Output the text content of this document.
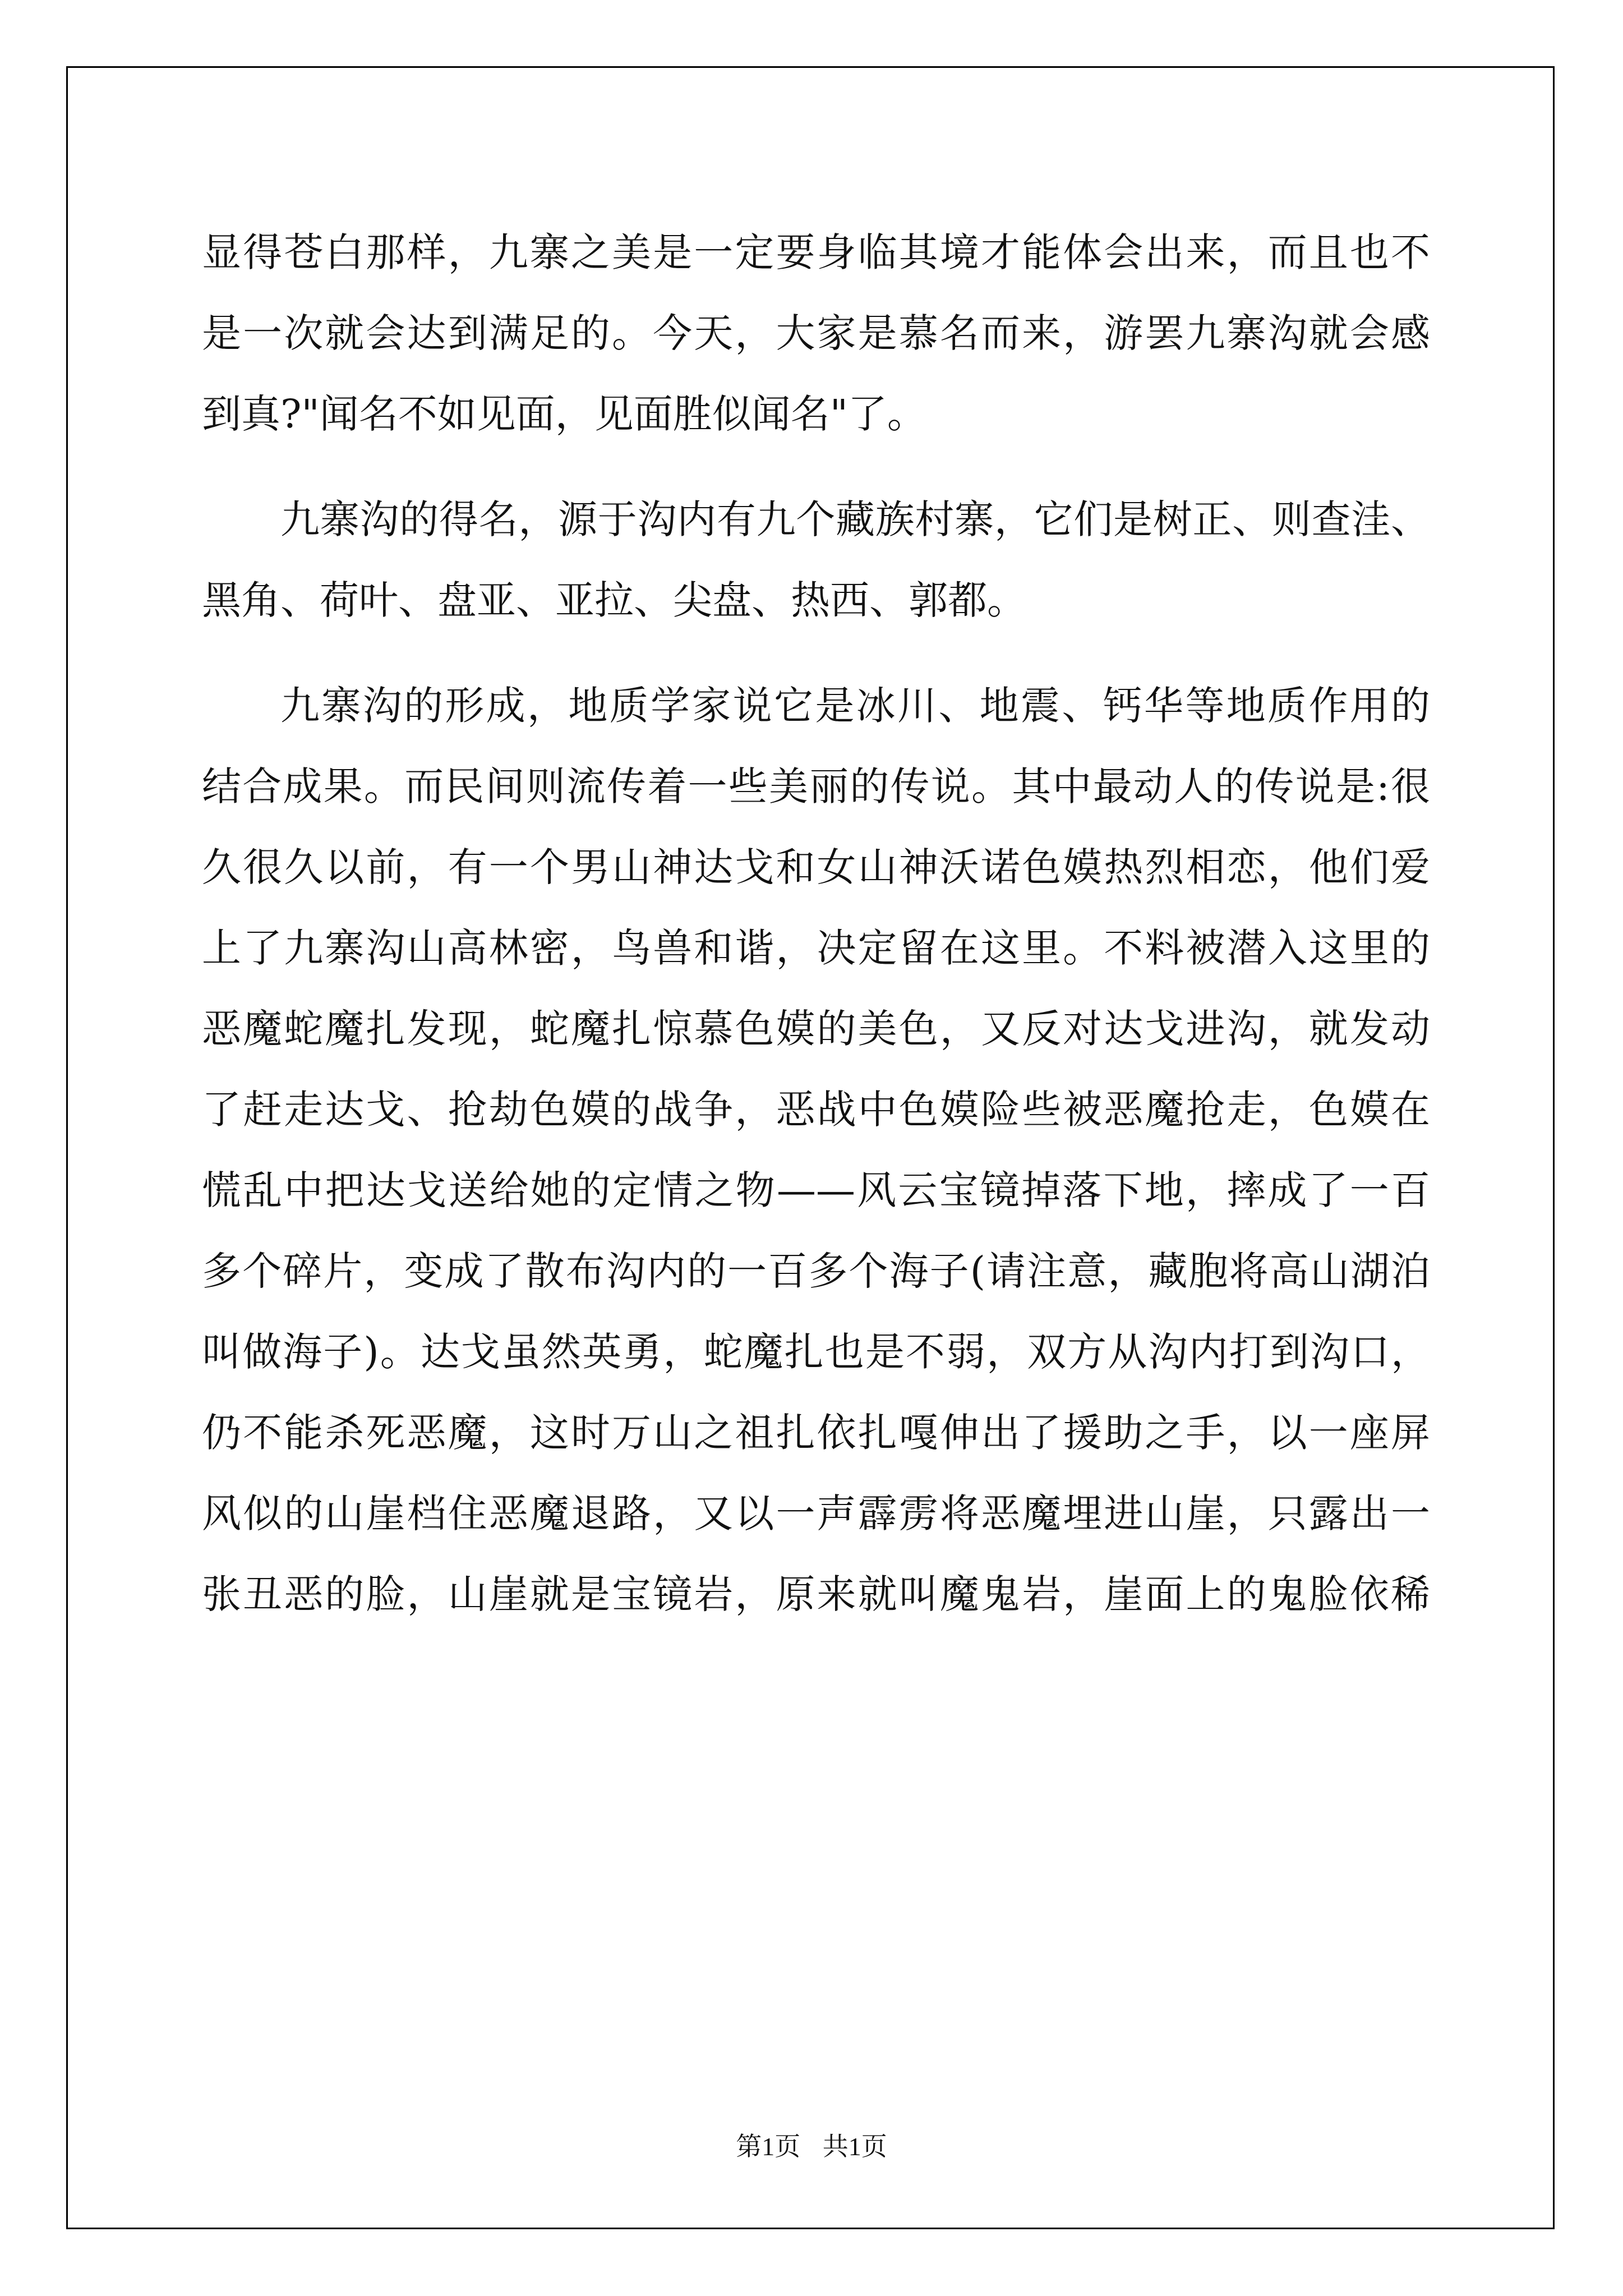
显得苍白那样，九寨之美是一定要身临其境才能体会出来，而且也不
是一次就会达到满足的。今天，大家是慕名而来，游罢九寨沟就会感
到真?"闻名不如见面，见面胜似闻名"了。
九寨沟的得名，源于沟内有九个藏族村寨，它们是树正、则查洼、
黑角、荷叶、盘亚、亚拉、尖盘、热西、郭都。
九寨沟的形成，地质学家说它是冰川、地震、钙华等地质作用的
结合成果。而民间则流传着一些美丽的传说。其中最动人的传说是:很
久很久以前，有一个男山神达戈和女山神沃诺色嫫热烈相恋，他们爱
上了九寨沟山高林密，鸟兽和谐，决定留在这里。不料被潜入这里的
恶魔蛇魔扎发现，蛇魔扎惊慕色嫫的美色，又反对达戈进沟，就发动
了赶走达戈、抢劫色嫫的战争，恶战中色嫫险些被恶魔抢走，色嫫在
慌乱中把达戈送给她的定情之物——风云宝镜掉落下地，摔成了一百
多个碎片，变成了散布沟内的一百多个海子(请注意，藏胞将高山湖泊
叫做海子)。达戈虽然英勇，蛇魔扎也是不弱，双方从沟内打到沟口，
仍不能杀死恶魔，这时万山之祖扎依扎嘎伸出了援助之手，以一座屏
风似的山崖档住恶魔退路，又以一声霹雳将恶魔埋进山崖，只露出一
张丑恶的脸，山崖就是宝镜岩，原来就叫魔鬼岩，崖面上的鬼脸依稀
第1页 共1页
